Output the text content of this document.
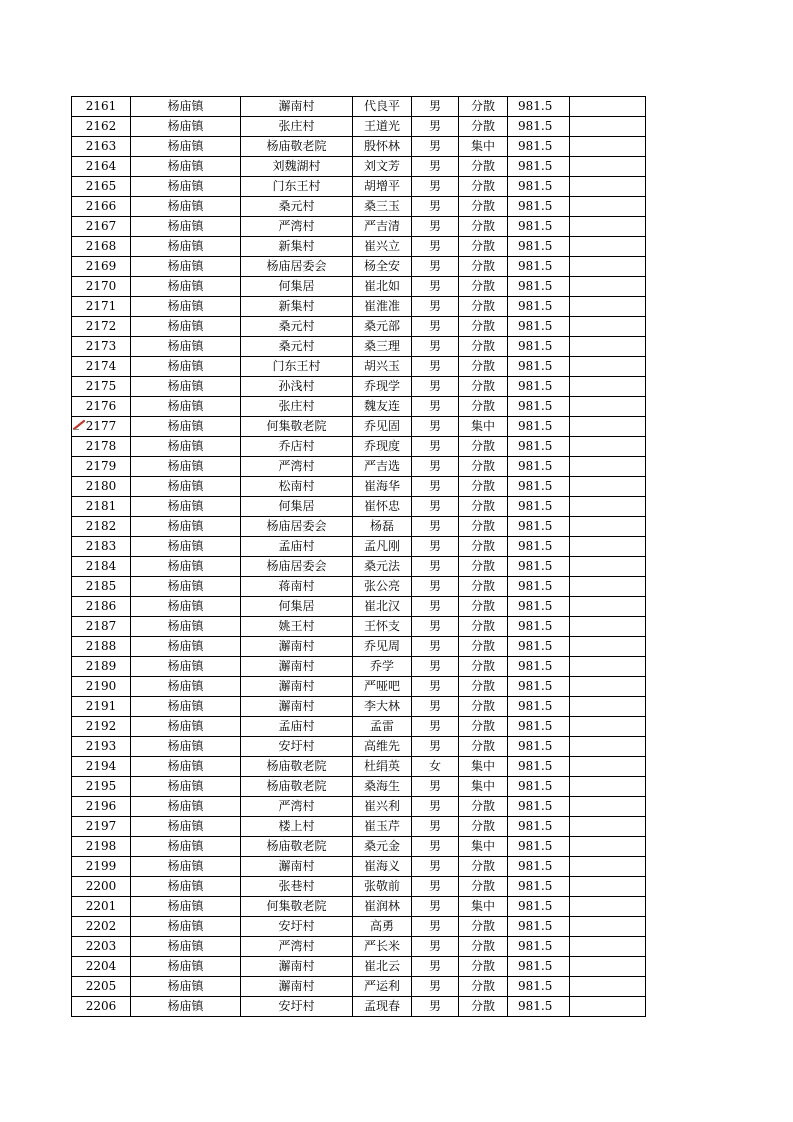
2161	杨庙镇	澥南村	代良平	男	分散	981.5	
2162	杨庙镇	张庄村	王道光	男	分散	981.5	
2163	杨庙镇	杨庙敬老院	殷怀林	男	集中	981.5	
2164	杨庙镇	刘魏湖村	刘文芳	男	分散	981.5	
2165	杨庙镇	门东王村	胡增平	男	分散	981.5	
2166	杨庙镇	桑元村	桑三玉	男	分散	981.5	
2167	杨庙镇	严湾村	严吉清	男	分散	981.5	
2168	杨庙镇	新集村	崔兴立	男	分散	981.5	
2169	杨庙镇	杨庙居委会	杨全安	男	分散	981.5	
2170	杨庙镇	何集居	崔北如	男	分散	981.5	
2171	杨庙镇	新集村	崔淮准	男	分散	981.5	
2172	杨庙镇	桑元村	桑元部	男	分散	981.5	
2173	杨庙镇	桑元村	桑三理	男	分散	981.5	
2174	杨庙镇	门东王村	胡兴玉	男	分散	981.5	
2175	杨庙镇	孙浅村	乔现学	男	分散	981.5	
2176	杨庙镇	张庄村	魏友连	男	分散	981.5	
2177	杨庙镇	何集敬老院	乔见固	男	集中	981.5	
2178	杨庙镇	乔店村	乔现度	男	分散	981.5	
2179	杨庙镇	严湾村	严吉选	男	分散	981.5	
2180	杨庙镇	松南村	崔海华	男	分散	981.5	
2181	杨庙镇	何集居	崔怀忠	男	分散	981.5	
2182	杨庙镇	杨庙居委会	杨磊	男	分散	981.5	
2183	杨庙镇	孟庙村	孟凡刚	男	分散	981.5	
2184	杨庙镇	杨庙居委会	桑元法	男	分散	981.5	
2185	杨庙镇	蒋南村	张公亮	男	分散	981.5	
2186	杨庙镇	何集居	崔北汉	男	分散	981.5	
2187	杨庙镇	姚王村	王怀支	男	分散	981.5	
2188	杨庙镇	澥南村	乔见周	男	分散	981.5	
2189	杨庙镇	澥南村	乔学	男	分散	981.5	
2190	杨庙镇	澥南村	严哑吧	男	分散	981.5	
2191	杨庙镇	澥南村	李大林	男	分散	981.5	
2192	杨庙镇	孟庙村	孟雷	男	分散	981.5	
2193	杨庙镇	安圩村	高维先	男	分散	981.5	
2194	杨庙镇	杨庙敬老院	杜绢英	女	集中	981.5	
2195	杨庙镇	杨庙敬老院	桑海生	男	集中	981.5	
2196	杨庙镇	严湾村	崔兴利	男	分散	981.5	
2197	杨庙镇	楼上村	崔玉芹	男	分散	981.5	
2198	杨庙镇	杨庙敬老院	桑元金	男	集中	981.5	
2199	杨庙镇	澥南村	崔海义	男	分散	981.5	
2200	杨庙镇	张巷村	张敬前	男	分散	981.5	
2201	杨庙镇	何集敬老院	崔润林	男	集中	981.5	
2202	杨庙镇	安圩村	高勇	男	分散	981.5	
2203	杨庙镇	严湾村	严长米	男	分散	981.5	
2204	杨庙镇	澥南村	崔北云	男	分散	981.5	
2205	杨庙镇	澥南村	严运利	男	分散	981.5	
2206	杨庙镇	安圩村	孟现春	男	分散	981.5	
